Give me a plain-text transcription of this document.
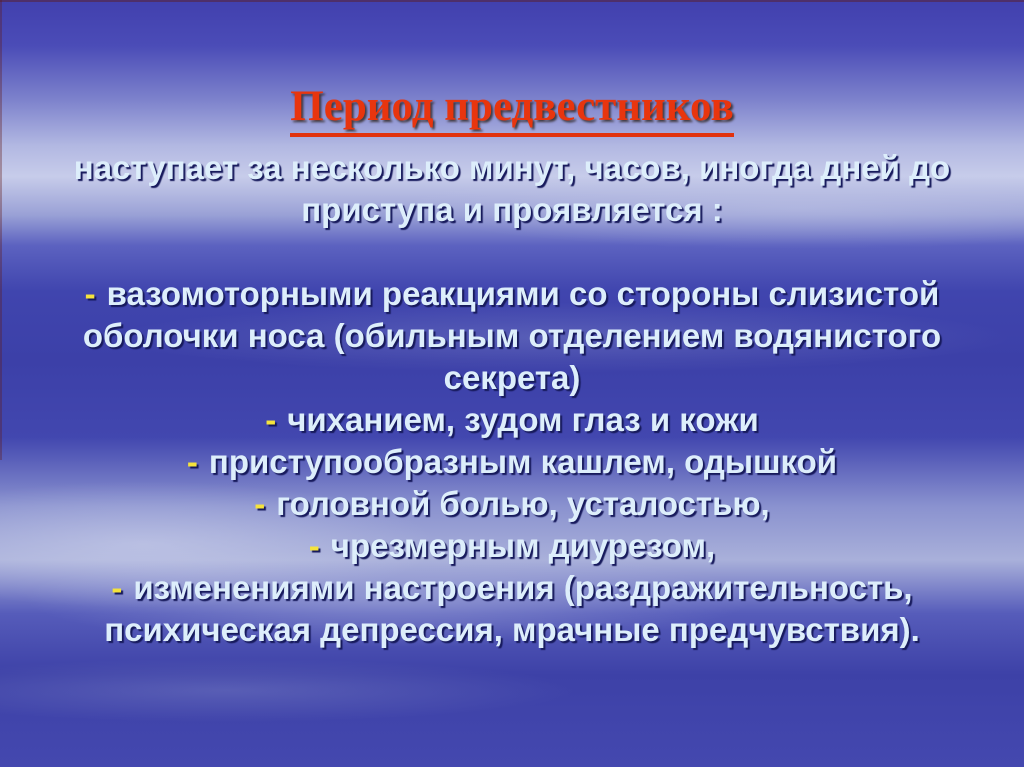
Период предвестников

наступает за несколько минут, часов, иногда дней до приступа и проявляется :

- вазомоторными реакциями со стороны слизистой оболочки носа (обильным отделением водянистого секрета)

- чиханием, зудом глаз и кожи

- приступообразным кашлем, одышкой

- головной болью, усталостью,

- чрезмерным диурезом,

- изменениями настроения (раздражительность, психическая депрессия, мрачные предчувствия).
